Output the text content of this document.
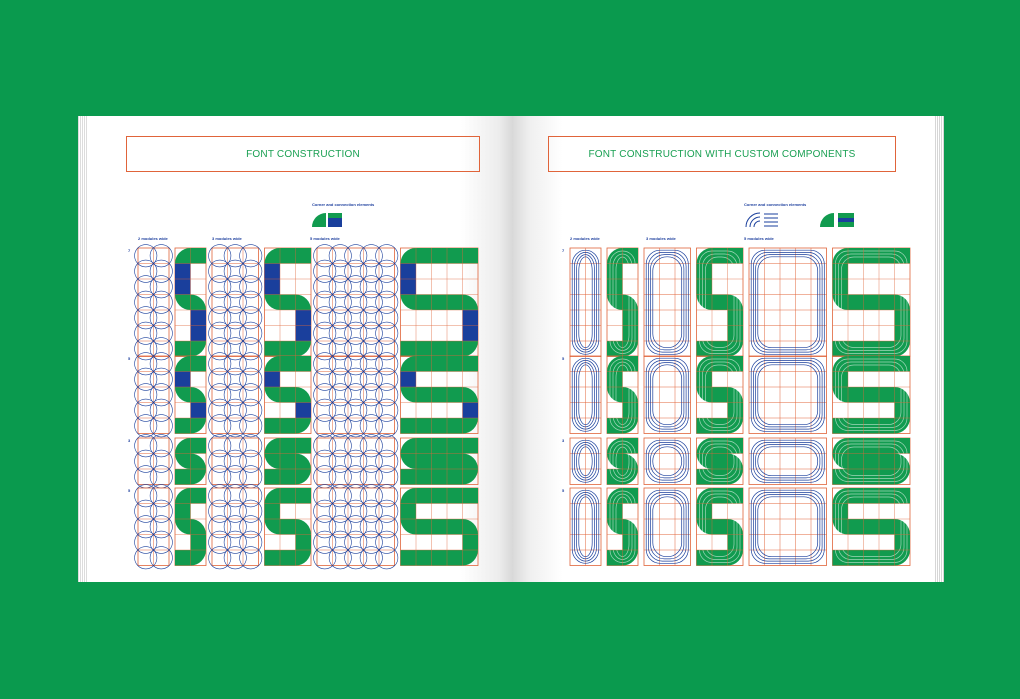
FONT CONSTRUCTION
Corner and connection elements
2 modules wide	3 modules wide	5 modules wide
7
5
3
5
FONT CONSTRUCTION WITH CUSTOM COMPONENTS
Corner and connection elements
2 modules wide	3 modules wide	5 modules wide
7
5
3
5
